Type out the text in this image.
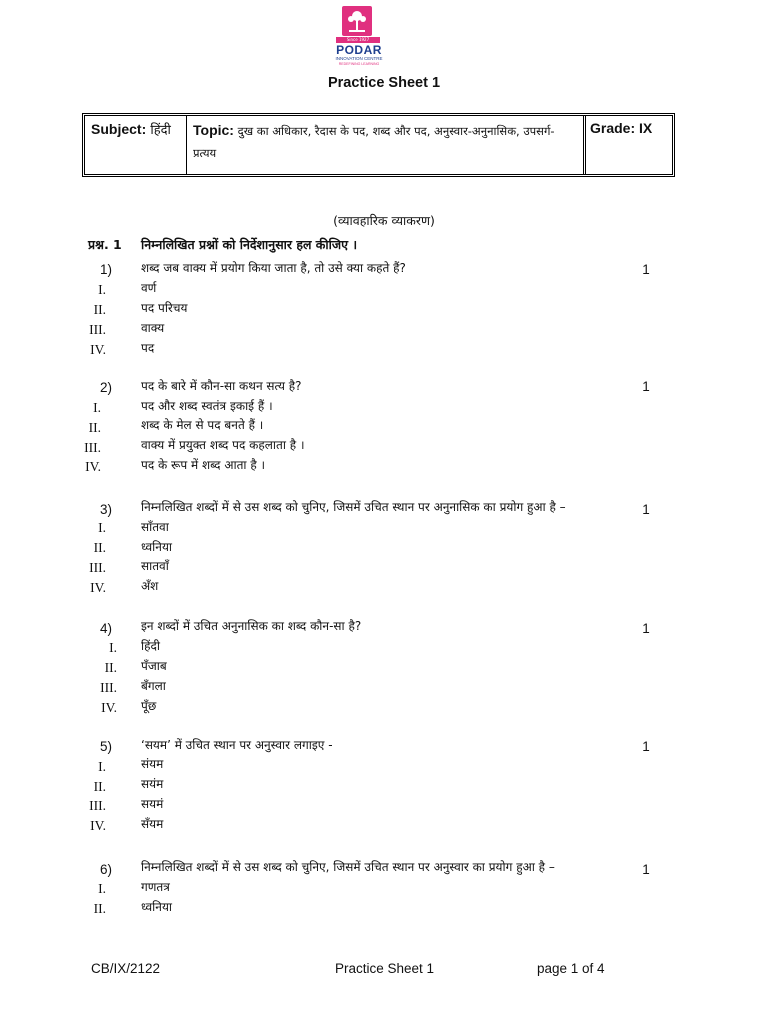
Since 1927
PODAR
INNOVATION CENTRE
REDEFINING LEARNING
Practice Sheet 1
Subject: हिंदी Topic: दुख का अधिकार, रैदास के पद, शब्द और पद, अनुस्वार-अनुनासिक, उपसर्ग-प्रत्यय
Grade: IX
(व्यावहारिक व्याकरण)
प्रश्न. 1 निम्नलिखित प्रश्नों को निर्देशानुसार हल कीजिए ।
1) शब्द जब वाक्य में प्रयोग किया जाता है, तो उसे क्या कहते हैं?	1
I.	वर्ण
II.	पद परिचय
III.	वाक्य
IV.	पद
2) पद के बारे में कौन-सा कथन सत्य है?	1
I.	पद और शब्द स्वतंत्र इकाई हैं ।
II.	शब्द के मेल से पद बनते हैं ।
III.	वाक्य में प्रयुक्त शब्द पद कहलाता है ।
IV.	पद के रूप में शब्द आता है ।
3) निम्नलिखित शब्दों में से उस शब्द को चुनिए, जिसमें उचित स्थान पर अनुनासिक का प्रयोग हुआ है –	1
I.	साँतवा
II.	ध्वनिया
III.	सातवाँ
IV.	अँश
4) इन शब्दों में उचित अनुनासिक का शब्द कौन-सा है?	1
I. हिंदी
II. पँजाब
III. बँगला
IV. पूँछ
5) ‘सयम’ में उचित स्थान पर अनुस्वार लगाइए -	1
I.	संयम
II.	सयंम
III.	सयमं
IV.	सँयम
6) निम्नलिखित शब्दों में से उस शब्द को चुनिए, जिसमें उचित स्थान पर अनुस्वार का प्रयोग हुआ है –	1
I.	गणतत्र
II.	ध्वनिया
CB/IX/2122	Practice Sheet 1	page 1 of 4
